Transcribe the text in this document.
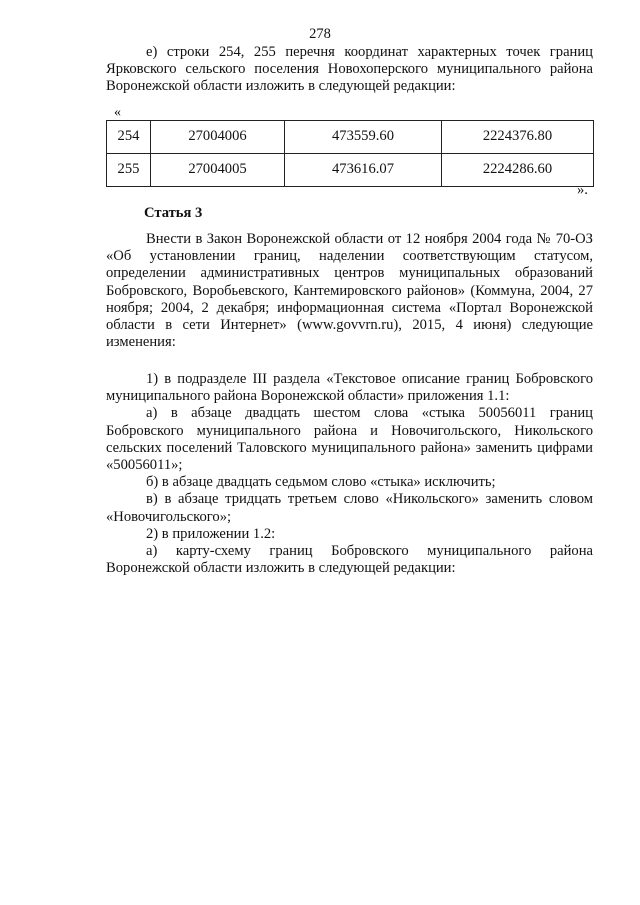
278

е) строки 254, 255 перечня координат характерных точек границ Ярковского сельского поселения Новохоперского муниципального района Воронежской области изложить в следующей редакции:

«
254	27004006	473559.60	2224376.80
255	27004005	473616.07	2224286.60
».
Статья 3

Внести в Закон Воронежской области от 12 ноября 2004 года № 70-ОЗ «Об установлении границ, наделении соответствующим статусом, определении административных центров муниципальных образований Бобровского, Воробьевского, Кантемировского районов» (Коммуна, 2004, 27 ноября; 2004, 2 декабря; информационная система «Портал Воронежской области в сети Интернет» (www.govvrn.ru), 2015, 4 июня) следующие изменения:

1) в подразделе III раздела «Текстовое описание границ Бобровского муниципального района Воронежской области» приложения 1.1:

а) в абзаце двадцать шестом слова «стыка 50056011 границ Бобровского муниципального района и Новочигольского, Никольского сельских поселений Таловского муниципального района» заменить цифрами «50056011»;

б) в абзаце двадцать седьмом слово «стыка» исключить;

в) в абзаце тридцать третьем слово «Никольского» заменить словом «Новочигольского»;

2) в приложении 1.2:

а) карту-схему границ Бобровского муниципального района Воронежской области изложить в следующей редакции:
